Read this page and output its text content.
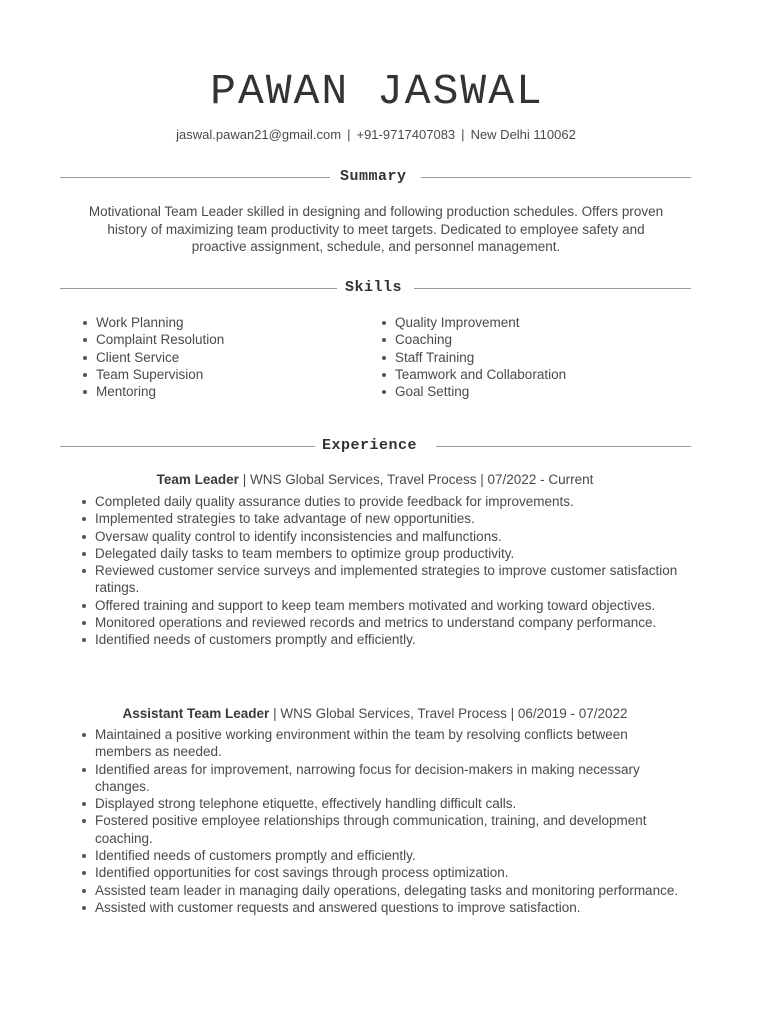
PAWAN JASWAL
jaswal.pawan21@gmail.com | +91-9717407083 | New Delhi 110062
Summary
Motivational Team Leader skilled in designing and following production schedules. Offers proven history of maximizing team productivity to meet targets. Dedicated to employee safety and proactive assignment, schedule, and personnel management.
Skills
Work Planning
Complaint Resolution
Client Service
Team Supervision
Mentoring
Quality Improvement
Coaching
Staff Training
Teamwork and Collaboration
Goal Setting
Experience
Team Leader | WNS Global Services, Travel Process | 07/2022 - Current
Completed daily quality assurance duties to provide feedback for improvements.
Implemented strategies to take advantage of new opportunities.
Oversaw quality control to identify inconsistencies and malfunctions.
Delegated daily tasks to team members to optimize group productivity.
Reviewed customer service surveys and implemented strategies to improve customer satisfaction ratings.
Offered training and support to keep team members motivated and working toward objectives.
Monitored operations and reviewed records and metrics to understand company performance.
Identified needs of customers promptly and efficiently.
Assistant Team Leader | WNS Global Services, Travel Process | 06/2019 - 07/2022
Maintained a positive working environment within the team by resolving conflicts between members as needed.
Identified areas for improvement, narrowing focus for decision-makers in making necessary changes.
Displayed strong telephone etiquette, effectively handling difficult calls.
Fostered positive employee relationships through communication, training, and development coaching.
Identified needs of customers promptly and efficiently.
Identified opportunities for cost savings through process optimization.
Assisted team leader in managing daily operations, delegating tasks and monitoring performance.
Assisted with customer requests and answered questions to improve satisfaction.
